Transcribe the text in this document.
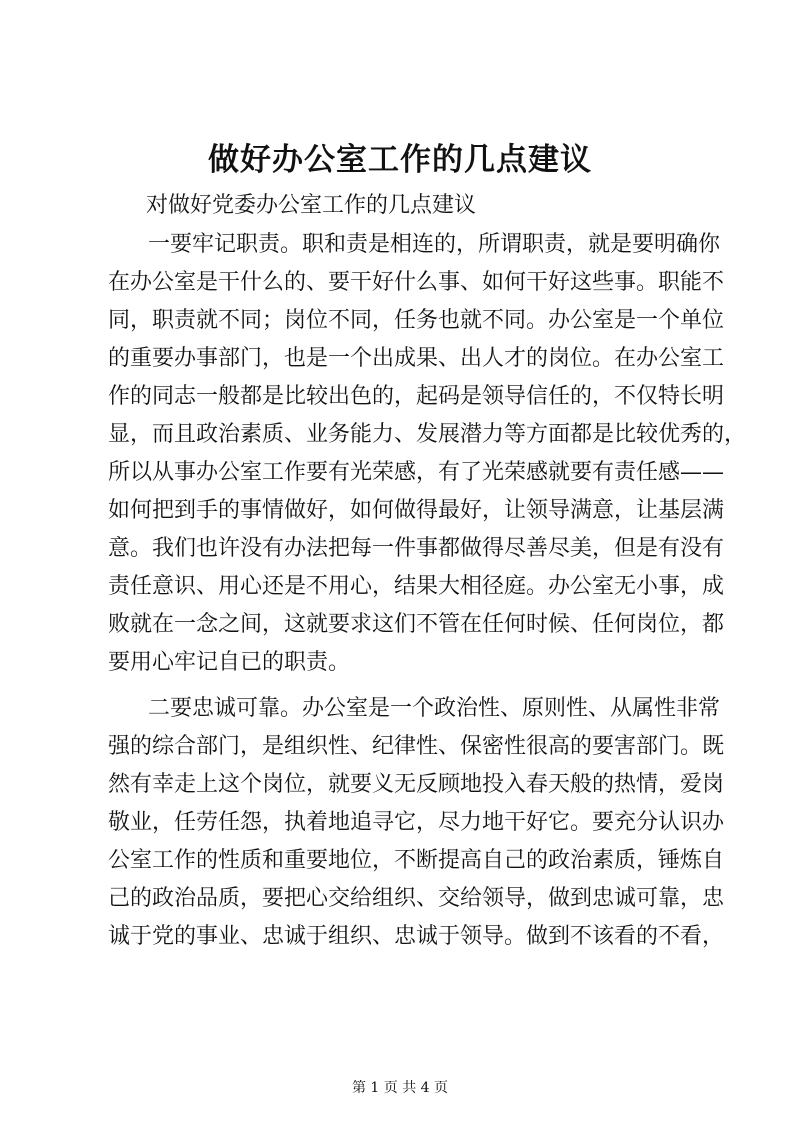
做好办公室工作的几点建议
对做好党委办公室工作的几点建议
一要牢记职责。职和责是相连的，所谓职责，就是要明确你
在办公室是干什么的、要干好什么事、如何干好这些事。职能不
同，职责就不同；岗位不同，任务也就不同。办公室是一个单位
的重要办事部门，也是一个出成果、出人才的岗位。在办公室工
作的同志一般都是比较出色的，起码是领导信任的，不仅特长明
显，而且政治素质、业务能力、发展潜力等方面都是比较优秀的，
所以从事办公室工作要有光荣感，有了光荣感就要有责任感——
如何把到手的事情做好，如何做得最好，让领导满意，让基层满
意。我们也许没有办法把每一件事都做得尽善尽美，但是有没有
责任意识、用心还是不用心，结果大相径庭。办公室无小事，成
败就在一念之间，这就要求这们不管在任何时候、任何岗位，都
要用心牢记自已的职责。
二要忠诚可靠。办公室是一个政治性、原则性、从属性非常
强的综合部门，是组织性、纪律性、保密性很高的要害部门。既
然有幸走上这个岗位，就要义无反顾地投入春天般的热情，爱岗
敬业，任劳任怨，执着地追寻它，尽力地干好它。要充分认识办
公室工作的性质和重要地位，不断提高自己的政治素质，锤炼自
己的政治品质，要把心交给组织、交给领导，做到忠诚可靠，忠
诚于党的事业、忠诚于组织、忠诚于领导。做到不该看的不看，
第 1 页 共 4 页
